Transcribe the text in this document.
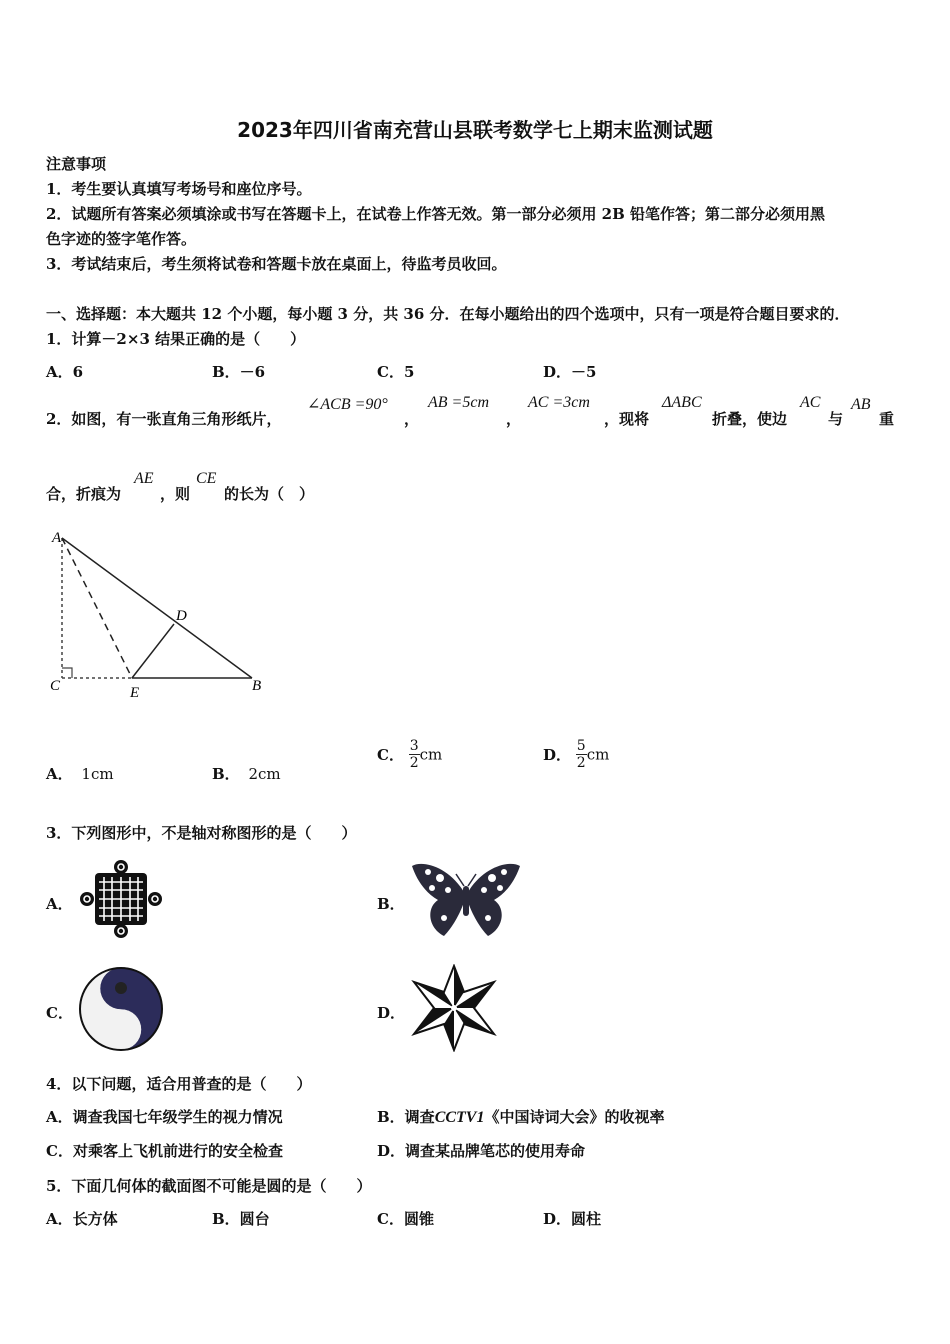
2023年四川省南充营山县联考数学七上期末监测试题
注意事项
1．考生要认真填写考场号和座位序号。
2．试题所有答案必须填涂或书写在答题卡上，在试卷上作答无效。第一部分必须用 2B 铅笔作答；第二部分必须用黑
色字迹的签字笔作答。
3．考试结束后，考生须将试卷和答题卡放在桌面上，待监考员收回。
一、选择题：本大题共 12 个小题，每小题 3 分，共 36 分．在每小题给出的四个选项中，只有一项是符合题目要求的．
1．计算－2×3 结果正确的是（　　）
A．6	B．－6	C．5	D．－5
2．如图，有一张直角三角形纸片，
∠ACB =90°
，
AB =5cm
，
AC =3cm
，现将
ΔABC
折叠，使边
AC
与
AB
重
合，折痕为
AE
，则
CE
的长为（　）
A
D
C	E	B
A． 1cm	B． 2cm
C． $\frac{3}{2}$ cm	D． $\frac{5}{2}$ cm
3．下列图形中，不是轴对称图形的是（　　）
A．	B．
C．	D．
4．以下问题，适合用普查的是（　　）
A．调查我国七年级学生的视力情况	B．调查CCTV1《中国诗词大会》的收视率
C．对乘客上飞机前进行的安全检查	D．调查某品牌笔芯的使用寿命
5．下面几何体的截面图不可能是圆的是（　　）
A．长方体	B．圆台	C．圆锥	D．圆柱
